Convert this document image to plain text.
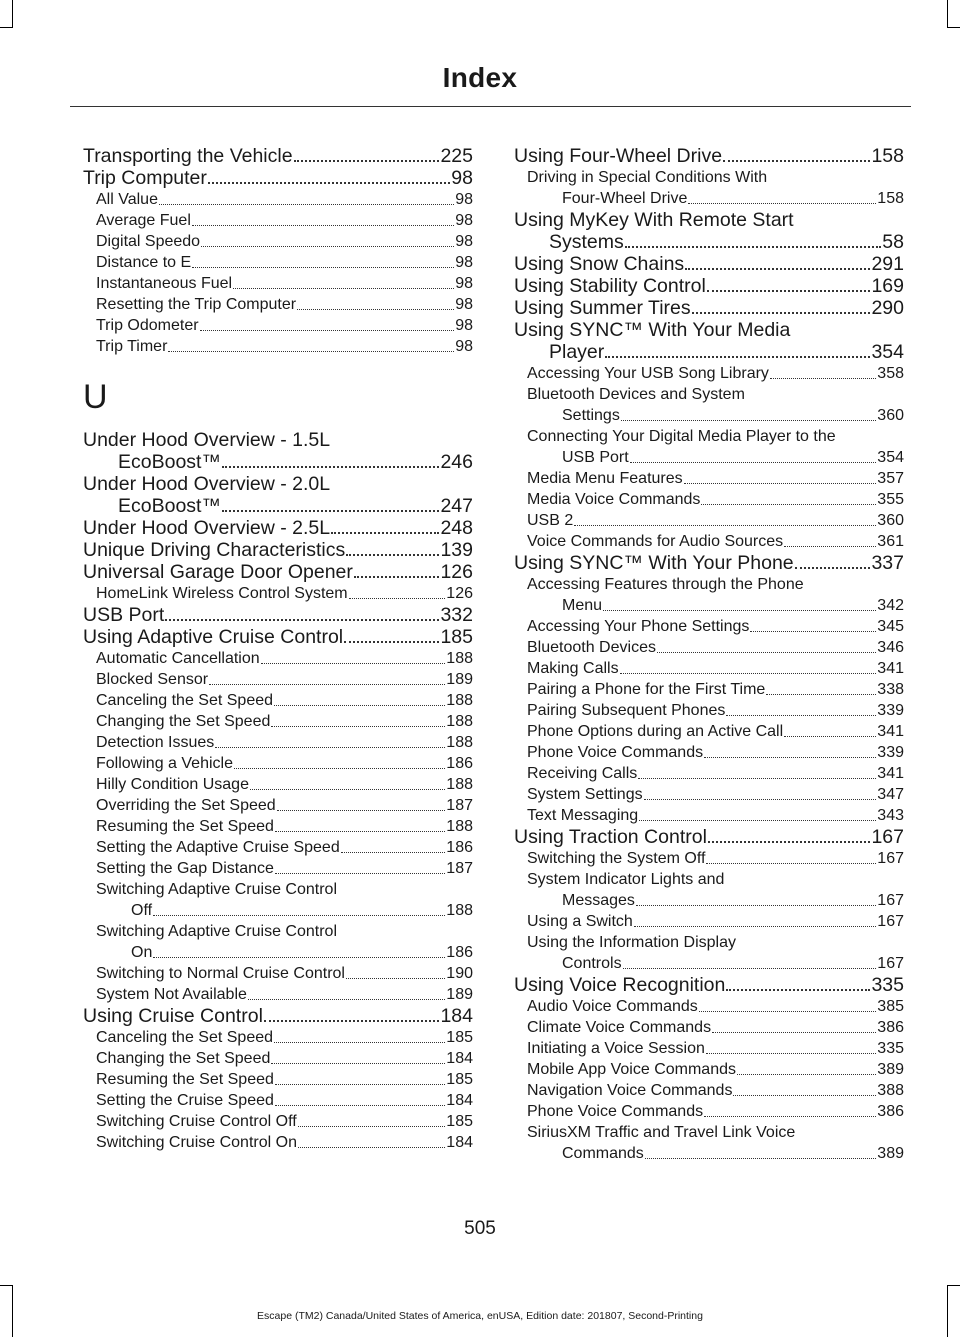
Index
Transporting the Vehicle	225
Trip Computer	98
All Value	98
Average Fuel	98
Digital Speedo	98
Distance to E	98
Instantaneous Fuel	98
Resetting the Trip Computer	98
Trip Odometer	98
Trip Timer	98
U
Under Hood Overview - 1.5L
EcoBoost™	246
Under Hood Overview - 2.0L
EcoBoost™	247
Under Hood Overview - 2.5L	248
Unique Driving Characteristics	139
Universal Garage Door Opener	126
HomeLink Wireless Control System	126
USB Port	332
Using Adaptive Cruise Control	185
Automatic Cancellation	188
Blocked Sensor	189
Canceling the Set Speed	188
Changing the Set Speed	188
Detection Issues	188
Following a Vehicle	186
Hilly Condition Usage	188
Overriding the Set Speed	187
Resuming the Set Speed	188
Setting the Adaptive Cruise Speed	186
Setting the Gap Distance	187
Switching Adaptive Cruise Control
Off	188
Switching Adaptive Cruise Control
On	186
Switching to Normal Cruise Control	190
System Not Available	189
Using Cruise Control	184
Canceling the Set Speed	185
Changing the Set Speed	184
Resuming the Set Speed	185
Setting the Cruise Speed	184
Switching Cruise Control Off	185
Switching Cruise Control On	184
Using Four-Wheel Drive	158
Driving in Special Conditions With
Four-Wheel Drive	158
Using MyKey With Remote Start
Systems	58
Using Snow Chains	291
Using Stability Control	169
Using Summer Tires	290
Using SYNC™ With Your Media
Player	354
Accessing Your USB Song Library	358
Bluetooth Devices and System
Settings	360
Connecting Your Digital Media Player to the
USB Port	354
Media Menu Features	357
Media Voice Commands	355
USB 2	360
Voice Commands for Audio Sources	361
Using SYNC™ With Your Phone	337
Accessing Features through the Phone
Menu	342
Accessing Your Phone Settings	345
Bluetooth Devices	346
Making Calls	341
Pairing a Phone for the First Time	338
Pairing Subsequent Phones	339
Phone Options during an Active Call	341
Phone Voice Commands	339
Receiving Calls	341
System Settings	347
Text Messaging	343
Using Traction Control	167
Switching the System Off	167
System Indicator Lights and
Messages	167
Using a Switch	167
Using the Information Display
Controls	167
Using Voice Recognition	335
Audio Voice Commands	385
Climate Voice Commands	386
Initiating a Voice Session	335
Mobile App Voice Commands	389
Navigation Voice Commands	388
Phone Voice Commands	386
SiriusXM Traffic and Travel Link Voice
Commands	389
505
Escape (TM2) Canada/United States of America, enUSA, Edition date: 201807, Second-Printing
